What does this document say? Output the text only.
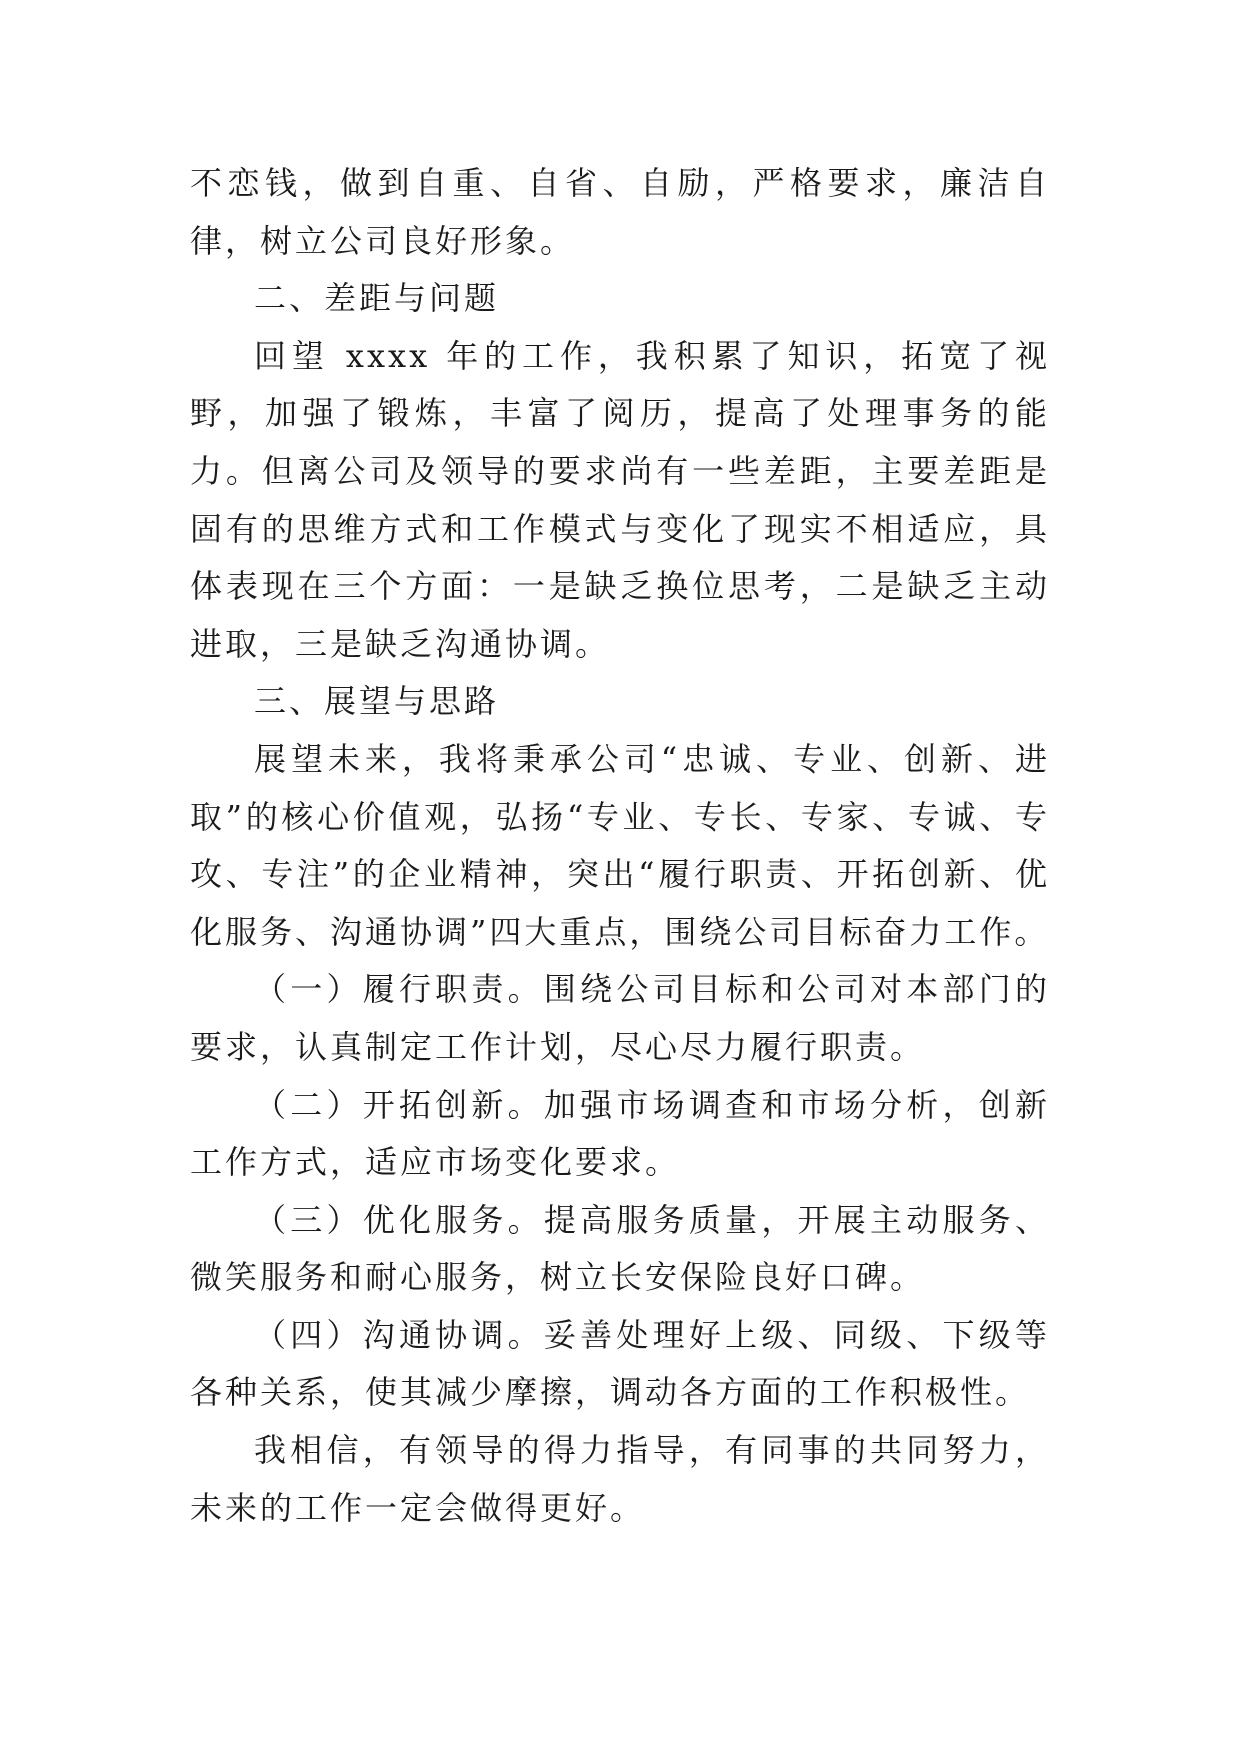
不恋钱，做到自重、自省、自励，严格要求，廉洁自律，树立公司良好形象。

二、差距与问题

回望 xxxx 年的工作，我积累了知识，拓宽了视野，加强了锻炼，丰富了阅历，提高了处理事务的能力。但离公司及领导的要求尚有一些差距，主要差距是固有的思维方式和工作模式与变化了现实不相适应，具体表现在三个方面：一是缺乏换位思考，二是缺乏主动进取，三是缺乏沟通协调。

三、展望与思路

展望未来，我将秉承公司“忠诚、专业、创新、进取”的核心价值观，弘扬“专业、专长、专家、专诚、专攻、专注”的企业精神，突出“履行职责、开拓创新、优化服务、沟通协调”四大重点，围绕公司目标奋力工作。

（一）履行职责。围绕公司目标和公司对本部门的要求，认真制定工作计划，尽心尽力履行职责。

（二）开拓创新。加强市场调查和市场分析，创新工作方式，适应市场变化要求。

（三）优化服务。提高服务质量，开展主动服务、微笑服务和耐心服务，树立长安保险良好口碑。

（四）沟通协调。妥善处理好上级、同级、下级等各种关系，使其减少摩擦，调动各方面的工作积极性。

我相信，有领导的得力指导，有同事的共同努力，未来的工作一定会做得更好。
